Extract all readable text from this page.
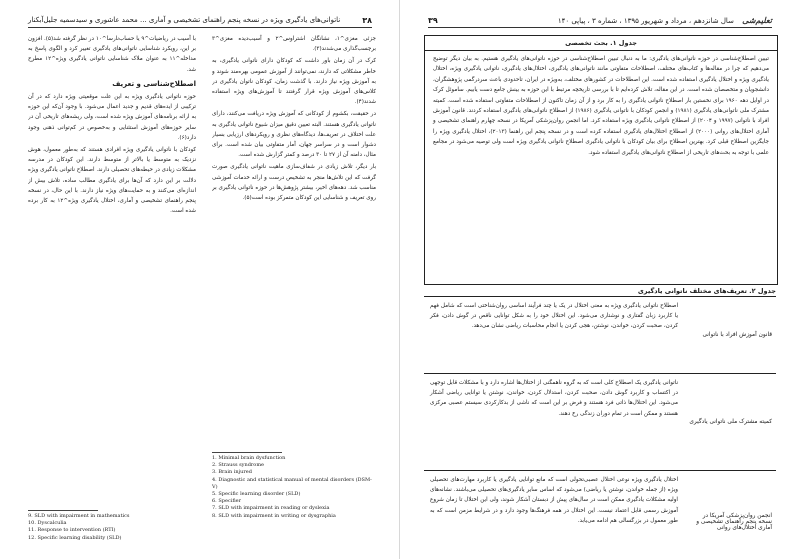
۳۸
ناتوانی‌های یادگیری ویژه در نسخه پنجم راهنمای تشخیصی و آماری ... محمد عاشوری و سیدسمیه جلیل‌آبکنار

جزئی مغزی^۱، نشانگان اشتراوس^۲ و آسیب‌دیده مغزی^۳ برچسب‌گذاری می‌شدند(۳).

کرک در آن زمان باور داشت که کودکانِ دارای ناتوانی یادگیری، به خاطر مشکلاتی که دارند، نمی‌توانند از آموزش عمومی بهره‌مند شوند و به آموزش ویژه نیاز دارند. با گذشت زمان، کودکان ناتوان یادگیری در کلاس‌های آموزش ویژه قرار گرفتند تا آموزش‌های ویژه استفاده شدند(۴).

در حقیقت، بکشوم از کودکانی که آموزش ویژه دریافت می‌کنند، دارای ناتوانی یادگیری هستند. البته تعیین دقیق میزان شیوع ناتوانی یادگیری به علت اختلاف در تعریف‌ها، دیدگاه‌های نظری و رویکردهای ارزیابی بسیار دشوار است و در سراسر جهان، آمار متفاوتی بیان شده است. برای مثال، دامنه آن از ۲۷ تا ۳۰ درصد و کمتر گزارش شده است.

بار دیگر، تلاش زیادی در شفاف‌سازی ماهیت ناتوانی یادگیری صورت گرفت که این تلاش‌ها منجر به تشخیص درست و ارائه خدمات آموزشی مناسب شد. دهه‌های اخیر، بیشتر پژوهش‌ها در حوزه ناتوانی یادگیری بر روی تعریف و شناسایی این کودکان متمرکز بوده است(۵).

با آسیب در ریاضیات^۹ یا حساب‌نارسا^۱۰ در نظر گرفته شد(۵). افزون بر این، رویکرد شناسایی ناتوانی‌های یادگیری تغییر کرد و الگوی پاسخ به مداخله^۱۱ به عنوان ملاک شناسایی ناتوانی یادگیری ویژه^۱۲ مطرح شد.

اصطلاح‌شناسی و تعریف

حوزه ناتوانی یادگیری ویژه به این علت موقعیتی ویژه دارد که در آن ترکیبی از ایده‌های قدیم و جدید اعمال می‌شود. با وجود آن‌که این حوزه به ارائه برنامه‌های آموزش ویژه شده است، ولی ریشه‌های تاریخی آن در سایر حوزه‌های آموزش استثنایی و به‌خصوص در کم‌توانی ذهنی وجود دارد(۶).

کودکان با ناتوانی یادگیری ویژه افرادی هستند که به‌طور معمول، هوش نزدیک به متوسط یا بالاتر از متوسط دارند. این کودکان در مدرسه مشکلات زیادی در حیطه‌های تحصیلی دارند. اصطلاح ناتوانی یادگیری ویژه دلالت بر این دارد که آن‌ها برای یادگیری مطالب ساده، تلاش بیش از اندازه‌ای می‌کنند و به حمایت‌های ویژه نیاز دارند. با این حال، در نسخه پنجم راهنمای تشخیصی و آماری، اختلال یادگیری ویژه^۱۲ به کار برده شده است.

1. Minimal brain dysfunction
2. Strauss syndrome
3. Brain injured
4. Diagnostic and statistical manual of mental disorders (DSM-V)
5. Specific learning disorder (SLD)
6. Specifier
7. SLD with impairment in reading or dyslexia
8. SLD with impairment in writing or dysgraphia
9. SLD with impairment in mathematics
10. Dyscalculia
11. Response to intervention (RTI)
12. Specific learning disability (SLD)
تعلیم‌شی سال شانزدهم ، مرداد و شهریور ۱۳۹۵ ، شماره ۳ ، پیاپی ۱۴۰
۳۹
جدول ۱. بحث تخصصی
تبیین اصطلاح‌شناسی در حوزه ناتوانی‌های یادگیری: ما به دنبال تبیین اصطلاح‌شناسی در حوزه ناتوانی‌های یادگیری هستیم. به بیان دیگر توضیح می‌دهیم که چرا در مقاله‌ها و کتاب‌های مختلف، اصطلاحات متفاوتی مانند ناتوانی‌های یادگیری، اختلال‌های یادگیری، ناتوانی یادگیری ویژه، اختلال یادگیری ویژه و اختلال یادگیری استفاده شده است. این اصطلاحات در کشورهای مختلف، به‌ویژه در ایران، تاحدودی باعث سردرگمی پژوهشگران، دانشجویان و متخصصان شده است. در این مقاله، تلاش کرده‌ایم تا با بررسی تاریخچه مرتبط با این حوزه به بینش جامع دست یابیم. ساموئل کرک در اوایل دهه ۱۹۶۰ برای نخستین بار اصطلاح ناتوانی یادگیری را به کار برد و از آن زمان تاکنون از اصطلاحات متفاوتی استفاده شده است. کمیته مشترک ملی ناتوانی‌های یادگیری (۱۹۸۱) و انجمن کودکان با ناتوانی یادگیری (۱۹۸۶) از اصطلاح ناتوانی‌های یادگیری استفاده کردند. قانون آموزش افراد با ناتوانی (۱۹۹۷ و ۲۰۰۴) از اصطلاح ناتوانی یادگیری ویژه استفاده کرد. اما انجمن روان‌پزشکی آمریکا در نسخه چهارم راهنمای تشخیصی و آماری اختلال‌های روانی (۲۰۰۰) از اصطلاح اختلال‌های یادگیری استفاده کرده است و در نسخه پنجم این راهنما (۲۰۱۳)، اختلال یادگیری ویژه را جایگزین اصطلاح قبلی کرد. بهترین اصطلاح برای بیان کودکان با ناتوانی یادگیری اصطلاح ناتوانی یادگیری ویژه است ولی توصیه می‌شود در مجامع علمی با توجه به بحث‌های تاریخی از اصطلاح ناتوانی‌های یادگیری استفاده شود.
جدول ۲. تعریف‌های مختلف ناتوانی یادگیری
قانون آموزش افراد با ناتوانی
اصطلاح ناتوانی یادگیری ویژه به معنی اختلال در یک یا چند فرآیند اساسی روان‌شناختی است که شامل فهم یا کاربرد زبان گفتاری و نوشتاری می‌شود. این اختلال خود را به شکل توانایی ناقص در گوش دادن، فکر کردن، صحبت کردن، خواندن، نوشتن، هجی کردن یا انجام محاسبات ریاضی نشان می‌دهد.
کمیته مشترک ملی ناتوانی یادگیری
ناتوانی یادگیری یک اصطلاح کلی است که به گروه ناهمگنی از اختلال‌ها اشاره دارد و با مشکلات قابل توجهی در اکتساب و کاربرد گوش دادن، صحبت کردن، استدلال کردن، خواندن، نوشتن یا توانایی ریاضی آشکار می‌شود. این اختلال‌ها ذاتی فرد هستند و فرض بر این است که ناشی از بدکارکردی سیستم عصبی مرکزی هستند و ممکن است در تمام دوران زندگی رخ دهند.
انجمن روان‌پزشکی آمریکا در نسخه پنجم راهنمای تشخیصی و آماری اختلال‌های روانی
اختلال یادگیری ویژه نوعی اختلال عصبی‌تحولی است که مانع توانایی یادگیری یا کاربرد مهارت‌های تحصیلی ویژه (از جمله خواندن، نوشتن یا ریاضی) می‌شود که اساس سایر یادگیری‌های تحصیلی می‌باشند. نشانه‌های اولیه مشکلات یادگیری ممکن است در سال‌های پیش از دبستان آشکار شوند، ولی این اختلال تا زمان شروع آموزش رسمی قابل اعتماد نیست. این اختلال در همه فرهنگ‌ها وجود دارد و در شرایط مزمن است که به طور معمول در بزرگسالی هم ادامه می‌یابد.
